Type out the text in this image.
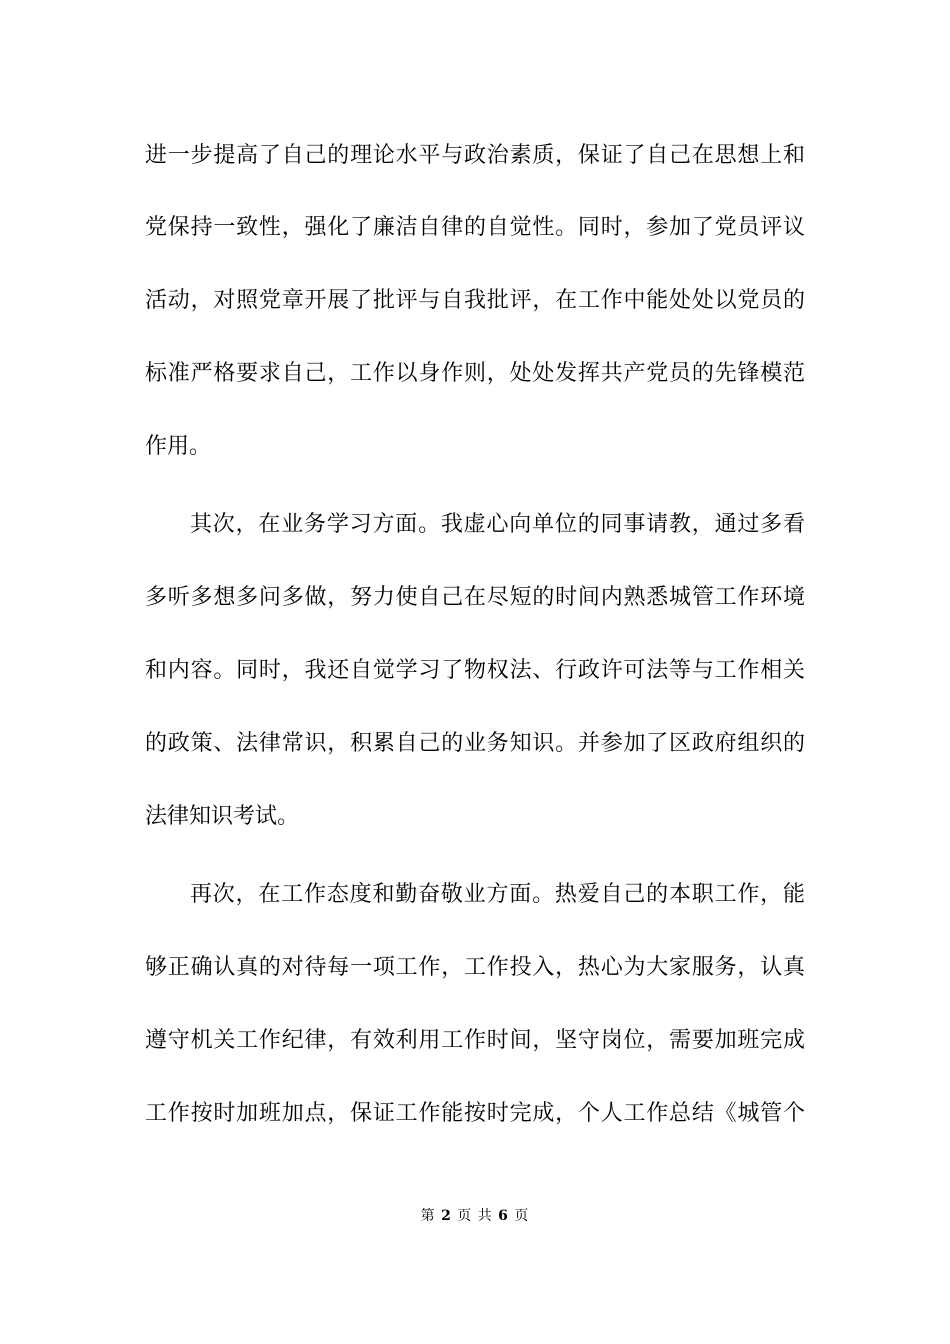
进一步提高了自己的理论水平与政治素质，保证了自己在思想上和
党保持一致性，强化了廉洁自律的自觉性。同时，参加了党员评议
活动，对照党章开展了批评与自我批评，在工作中能处处以党员的
标准严格要求自己，工作以身作则，处处发挥共产党员的先锋模范
作用。
其次，在业务学习方面。我虚心向单位的同事请教，通过多看
多听多想多问多做，努力使自己在尽短的时间内熟悉城管工作环境
和内容。同时，我还自觉学习了物权法、行政许可法等与工作相关
的政策、法律常识，积累自己的业务知识。并参加了区政府组织的
法律知识考试。
再次，在工作态度和勤奋敬业方面。热爱自己的本职工作，能
够正确认真的对待每一项工作，工作投入，热心为大家服务，认真
遵守机关工作纪律，有效利用工作时间，坚守岗位，需要加班完成
工作按时加班加点，保证工作能按时完成，个人工作总结《城管个
第 2 页 共 6 页
